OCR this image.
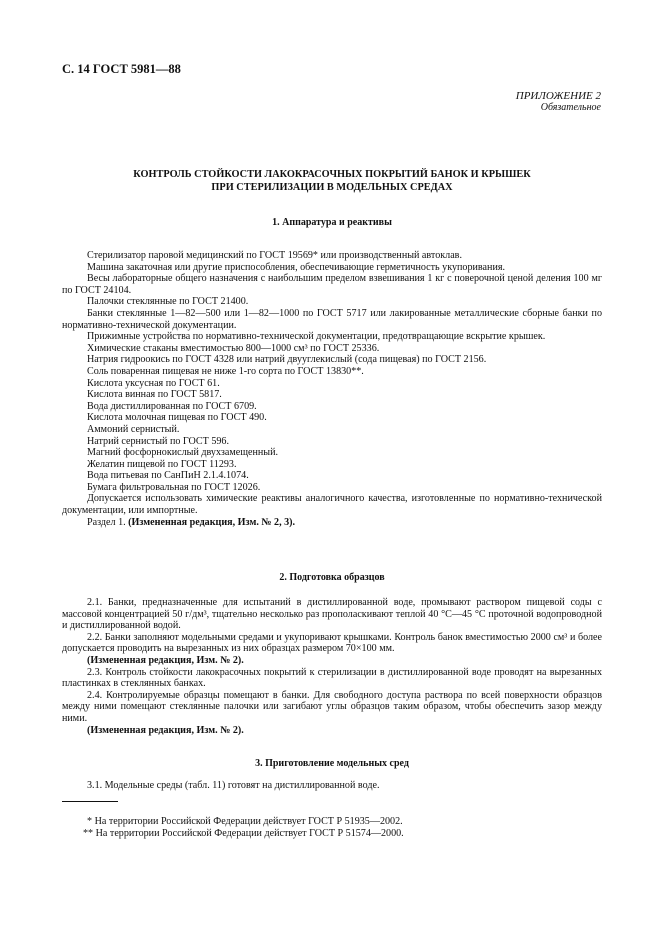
С. 14 ГОСТ 5981—88
ПРИЛОЖЕНИЕ 2
Обязательное
КОНТРОЛЬ СТОЙКОСТИ ЛАКОКРАСОЧНЫХ ПОКРЫТИЙ БАНОК И КРЫШЕК
ПРИ СТЕРИЛИЗАЦИИ В МОДЕЛЬНЫХ СРЕДАХ
1. Аппаратура и реактивы

Стерилизатор паровой медицинский по ГОСТ 19569* или производственный автоклав.

Машина закаточная или другие приспособления, обеспечивающие герметичность укупоривания.

Весы лабораторные общего назначения с наибольшим пределом взвешивания 1 кг с поверочной ценой деления 100 мг по ГОСТ 24104.

Палочки стеклянные по ГОСТ 21400.

Банки стеклянные 1—82—500 или 1—82—1000 по ГОСТ 5717 или лакированные металлические сборные банки по нормативно-технической документации.

Прижимные устройства по нормативно-технической документации, предотвращающие вскрытие крышек.

Химические стаканы вместимостью 800—1000 см³ по ГОСТ 25336.

Натрия гидроокись по ГОСТ 4328 или натрий двууглекислый (сода пищевая) по ГОСТ 2156.

Соль поваренная пищевая не ниже 1-го сорта по ГОСТ 13830**.

Кислота уксусная по ГОСТ 61.

Кислота винная по ГОСТ 5817.

Вода дистиллированная по ГОСТ 6709.

Кислота молочная пищевая по ГОСТ 490.

Аммоний сернистый.

Натрий сернистый по ГОСТ 596.

Магний фосфорнокислый двухзамещенный.

Желатин пищевой по ГОСТ 11293.

Вода питьевая по СанПиН 2.1.4.1074.

Бумага фильтровальная по ГОСТ 12026.

Допускается использовать химические реактивы аналогичного качества, изготовленные по нормативно-технической документации, или импортные.

Раздел 1. (Измененная редакция, Изм. № 2, 3).

2. Подготовка образцов

2.1. Банки, предназначенные для испытаний в дистиллированной воде, промывают раствором пищевой соды с массовой концентрацией 50 г/дм³, тщательно несколько раз прополаскивают теплой 40 °С—45 °С проточной водопроводной и дистиллированной водой.

2.2. Банки заполняют модельными средами и укупоривают крышками. Контроль банок вместимостью 2000 см³ и более допускается проводить на вырезанных из них образцах размером 70×100 мм.

(Измененная редакция, Изм. № 2).

2.3. Контроль стойкости лакокрасочных покрытий к стерилизации в дистиллированной воде проводят на вырезанных пластинках в стеклянных банках.

2.4. Контролируемые образцы помещают в банки. Для свободного доступа раствора по всей поверхности образцов между ними помещают стеклянные палочки или загибают углы образцов таким образом, чтобы обеспечить зазор между ними.

(Измененная редакция, Изм. № 2).

3. Приготовление модельных сред

3.1. Модельные среды (табл. 11) готовят на дистиллированной воде.

* На территории Российской Федерации действует ГОСТ Р 51935—2002.

** На территории Российской Федерации действует ГОСТ Р 51574—2000.
